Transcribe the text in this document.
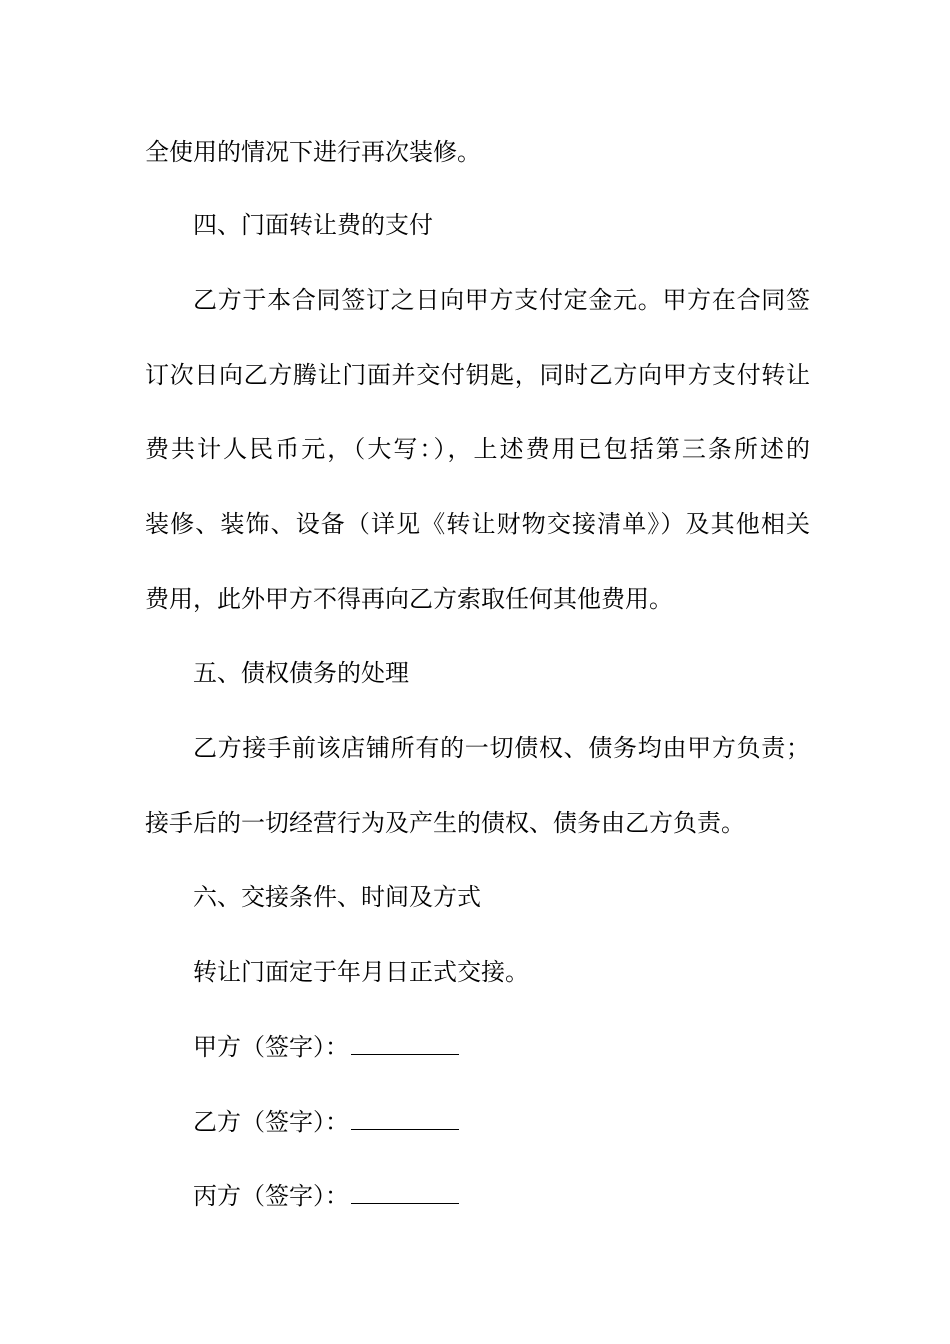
全使用的情况下进行再次装修。
四、门面转让费的支付
乙方于本合同签订之日向甲方支付定金元。甲方在合同签
订次日向乙方腾让门面并交付钥匙，同时乙方向甲方支付转让
费共计人民币元，（大写：），上述费用已包括第三条所述的
装修、装饰、设备（详见《转让财物交接清单》）及其他相关
费用，此外甲方不得再向乙方索取任何其他费用。
五、债权债务的处理
乙方接手前该店铺所有的一切债权、债务均由甲方负责；
接手后的一切经营行为及产生的债权、债务由乙方负责。
六、交接条件、时间及方式
转让门面定于年月日正式交接。
甲方（签字）：
乙方（签字）：
丙方（签字）：
